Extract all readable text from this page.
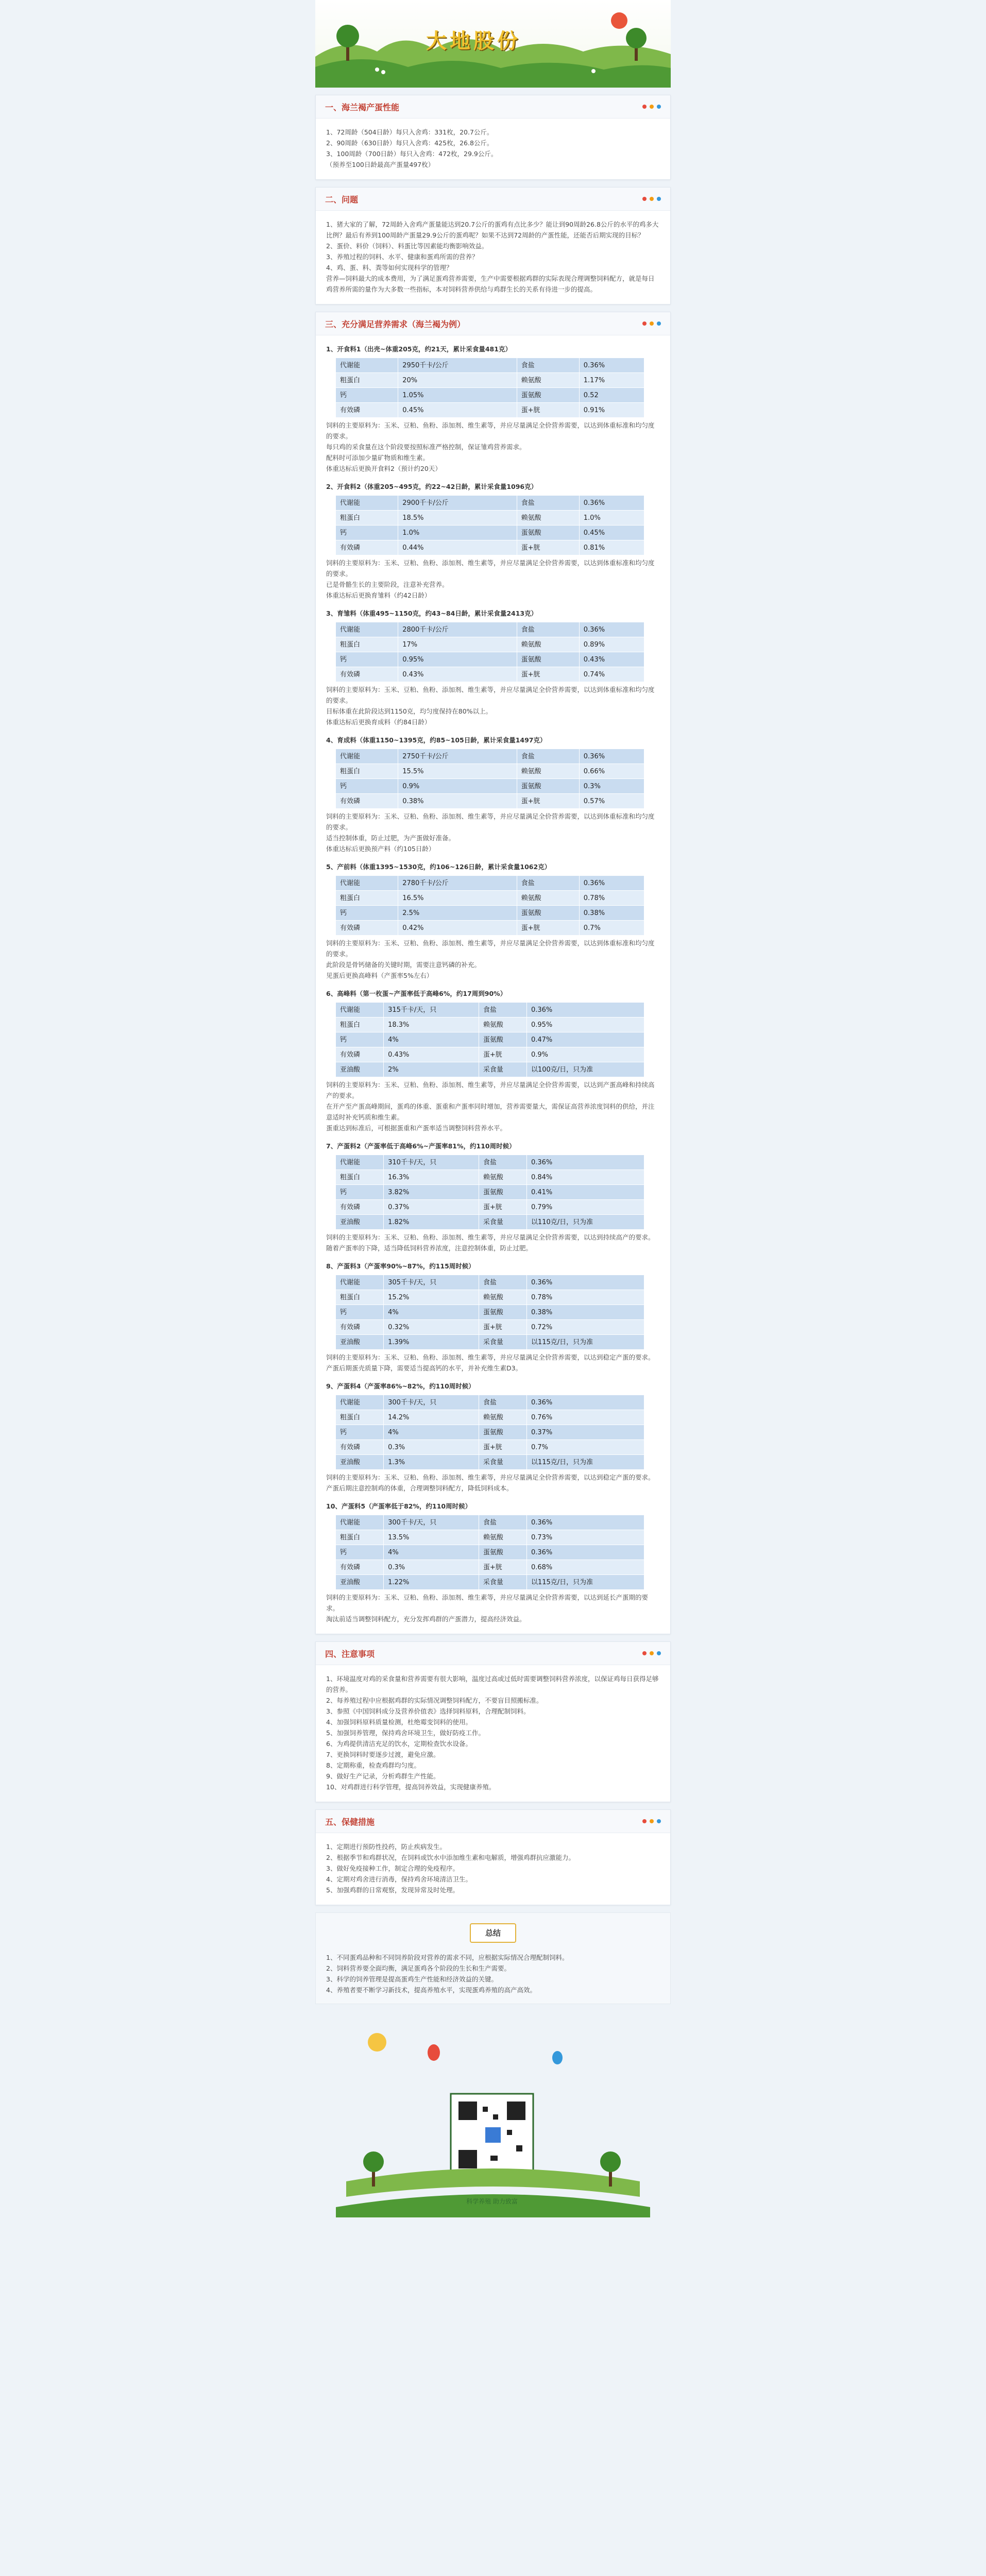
大地股份
一、海兰褐产蛋性能

1、72周龄（504日龄）每只入舍鸡：331枚，20.7公斤。

2、90周龄（630日龄）每只入舍鸡：425枚，26.8公斤。

3、100周龄（700日龄）每只入舍鸡：472枚，29.9公斤。

（预养至100日龄最高产蛋量497枚）

二、问题

1、猪大家的了解，72周龄入舍鸡产蛋量能达到20.7公斤的蛋鸡有点比多少？能让到90周龄26.8公斤的水平的鸡多大比例？最后有养到100周龄产蛋量29.9公斤的蛋鸡呢？如果不达到72周龄的产蛋性能，还能否后期实现的目标？

2、蛋价、料价（饲料）、料蛋比等因素能均衡影响效益。

3、养殖过程的饲料、水平、健康和蛋鸡所需的营养？

4、鸡、蛋、料、粪等如何实现科学的管理？

营养—饲料最大的成本费用，为了满足蛋鸡营养需要，生产中需要根据鸡群的实际表现合理调整饲料配方，就是每日鸡营养所需的量作为大多数一些指标，本对饲料营养供给与鸡群生长的关系有待进一步的提高。

三、充分满足营养需求（海兰褐为例）

1、开食料1（出壳~体重205克，约21天，累计采食量481克）

代谢能	2950千卡/公斤	食盐	0.36%
粗蛋白	20%	赖氨酸	1.17%
钙	1.05%	蛋氨酸	0.52
有效磷	0.45%	蛋+胱	0.91%

饲料的主要原料为：玉米、豆粕、鱼粉、添加剂、维生素等，并应尽量满足全价营养需要，以达到体重标准和均匀度的要求。

每只鸡的采食量在这个阶段要按照标准严格控制，保证雏鸡营养需求。

配料时可添加少量矿物质和维生素。

体重达标后更换开食料2（预计约20天）

2、开食料2（体重205~495克，约22~42日龄，累计采食量1096克）

代谢能	2900千卡/公斤	食盐	0.36%
粗蛋白	18.5%	赖氨酸	1.0%
钙	1.0%	蛋氨酸	0.45%
有效磷	0.44%	蛋+胱	0.81%

饲料的主要原料为：玉米、豆粕、鱼粉、添加剂、维生素等，并应尽量满足全价营养需要，以达到体重标准和均匀度的要求。

已是骨骼生长的主要阶段，注意补充营养。

体重达标后更换育雏料（约42日龄）

3、育雏料（体重495~1150克，约43~84日龄，累计采食量2413克）

代谢能	2800千卡/公斤	食盐	0.36%
粗蛋白	17%	赖氨酸	0.89%
钙	0.95%	蛋氨酸	0.43%
有效磷	0.43%	蛋+胱	0.74%

饲料的主要原料为：玉米、豆粕、鱼粉、添加剂、维生素等，并应尽量满足全价营养需要，以达到体重标准和均匀度的要求。

目标体重在此阶段达到1150克，均匀度保持在80%以上。

体重达标后更换育成料（约84日龄）

4、育成料（体重1150~1395克，约85~105日龄，累计采食量1497克）

代谢能	2750千卡/公斤	食盐	0.36%
粗蛋白	15.5%	赖氨酸	0.66%
钙	0.9%	蛋氨酸	0.3%
有效磷	0.38%	蛋+胱	0.57%

饲料的主要原料为：玉米、豆粕、鱼粉、添加剂、维生素等，并应尽量满足全价营养需要，以达到体重标准和均匀度的要求。

适当控制体重，防止过肥，为产蛋做好准备。

体重达标后更换预产料（约105日龄）

5、产前料（体重1395~1530克，约106~126日龄，累计采食量1062克）

代谢能	2780千卡/公斤	食盐	0.36%
粗蛋白	16.5%	赖氨酸	0.78%
钙	2.5%	蛋氨酸	0.38%
有效磷	0.42%	蛋+胱	0.7%

饲料的主要原料为：玉米、豆粕、鱼粉、添加剂、维生素等，并应尽量满足全价营养需要，以达到体重标准和均匀度的要求。

此阶段是骨钙储备的关键时期，需要注意钙磷的补充。

见蛋后更换高峰料（产蛋率5%左右）

6、高峰料（第一枚蛋~产蛋率低于高峰6%，约17周到90%）

代谢能	315千卡/天，只	食盐	0.36%
粗蛋白	18.3%	赖氨酸	0.95%
钙	4%	蛋氨酸	0.47%
有效磷	0.43%	蛋+胱	0.9%
亚油酸	2%	采食量	以100克/日，只为准

饲料的主要原料为：玉米、豆粕、鱼粉、添加剂、维生素等，并应尽量满足全价营养需要，以达到产蛋高峰和持续高产的要求。

在开产至产蛋高峰期间，蛋鸡的体重、蛋重和产蛋率同时增加，营养需要量大，需保证高营养浓度饲料的供给，并注意适时补充钙质和维生素。

蛋重达到标准后，可根据蛋重和产蛋率适当调整饲料营养水平。

7、产蛋料2（产蛋率低于高峰6%~产蛋率81%，约110周时候）

代谢能	310千卡/天，只	食盐	0.36%
粗蛋白	16.3%	赖氨酸	0.84%
钙	3.82%	蛋氨酸	0.41%
有效磷	0.37%	蛋+胱	0.79%
亚油酸	1.82%	采食量	以110克/日，只为准

饲料的主要原料为：玉米、豆粕、鱼粉、添加剂、维生素等，并应尽量满足全价营养需要，以达到持续高产的要求。

随着产蛋率的下降，适当降低饲料营养浓度，注意控制体重，防止过肥。

8、产蛋料3（产蛋率90%~87%，约115周时候）

代谢能	305千卡/天，只	食盐	0.36%
粗蛋白	15.2%	赖氨酸	0.78%
钙	4%	蛋氨酸	0.38%
有效磷	0.32%	蛋+胱	0.72%
亚油酸	1.39%	采食量	以115克/日，只为准

饲料的主要原料为：玉米、豆粕、鱼粉、添加剂、维生素等，并应尽量满足全价营养需要，以达到稳定产蛋的要求。

产蛋后期蛋壳质量下降，需要适当提高钙的水平，并补充维生素D3。

9、产蛋料4（产蛋率86%~82%，约110周时候）

代谢能	300千卡/天，只	食盐	0.36%
粗蛋白	14.2%	赖氨酸	0.76%
钙	4%	蛋氨酸	0.37%
有效磷	0.3%	蛋+胱	0.7%
亚油酸	1.3%	采食量	以115克/日，只为准

饲料的主要原料为：玉米、豆粕、鱼粉、添加剂、维生素等，并应尽量满足全价营养需要，以达到稳定产蛋的要求。

产蛋后期注意控制鸡的体重，合理调整饲料配方，降低饲料成本。

10、产蛋料5（产蛋率低于82%，约110周时候）

代谢能	300千卡/天，只	食盐	0.36%
粗蛋白	13.5%	赖氨酸	0.73%
钙	4%	蛋氨酸	0.36%
有效磷	0.3%	蛋+胱	0.68%
亚油酸	1.22%	采食量	以115克/日，只为准

饲料的主要原料为：玉米、豆粕、鱼粉、添加剂、维生素等，并应尽量满足全价营养需要，以达到延长产蛋期的要求。

淘汰前适当调整饲料配方，充分发挥鸡群的产蛋潜力，提高经济效益。

四、注意事项

1、环境温度对鸡的采食量和营养需要有很大影响，温度过高或过低时需要调整饲料营养浓度，以保证鸡每日获得足够的营养。

2、每养殖过程中应根据鸡群的实际情况调整饲料配方，不要盲目照搬标准。

3、参照《中国饲料成分及营养价值表》选择饲料原料，合理配制饲料。

4、加强饲料原料质量检测，杜绝霉变饲料的使用。

5、加强饲养管理，保持鸡舍环境卫生，做好防疫工作。

6、为鸡提供清洁充足的饮水，定期检查饮水设备。

7、更换饲料时要逐步过渡，避免应激。

8、定期称重，检查鸡群均匀度。

9、做好生产记录，分析鸡群生产性能。

10、对鸡群进行科学管理，提高饲养效益，实现健康养殖。

五、保健措施

1、定期进行预防性投药，防止疾病发生。

2、根据季节和鸡群状况，在饲料或饮水中添加维生素和电解质，增强鸡群抗应激能力。

3、做好免疫接种工作，制定合理的免疫程序。

4、定期对鸡舍进行消毒，保持鸡舍环境清洁卫生。

5、加强鸡群的日常观察，发现异常及时处理。

总结

1、不同蛋鸡品种和不同饲养阶段对营养的需求不同，应根据实际情况合理配制饲料。

2、饲料营养要全面均衡，满足蛋鸡各个阶段的生长和生产需要。

3、科学的饲养管理是提高蛋鸡生产性能和经济效益的关键。

4、养殖者要不断学习新技术，提高养殖水平，实现蛋鸡养殖的高产高效。

科学养殖 助力致富
